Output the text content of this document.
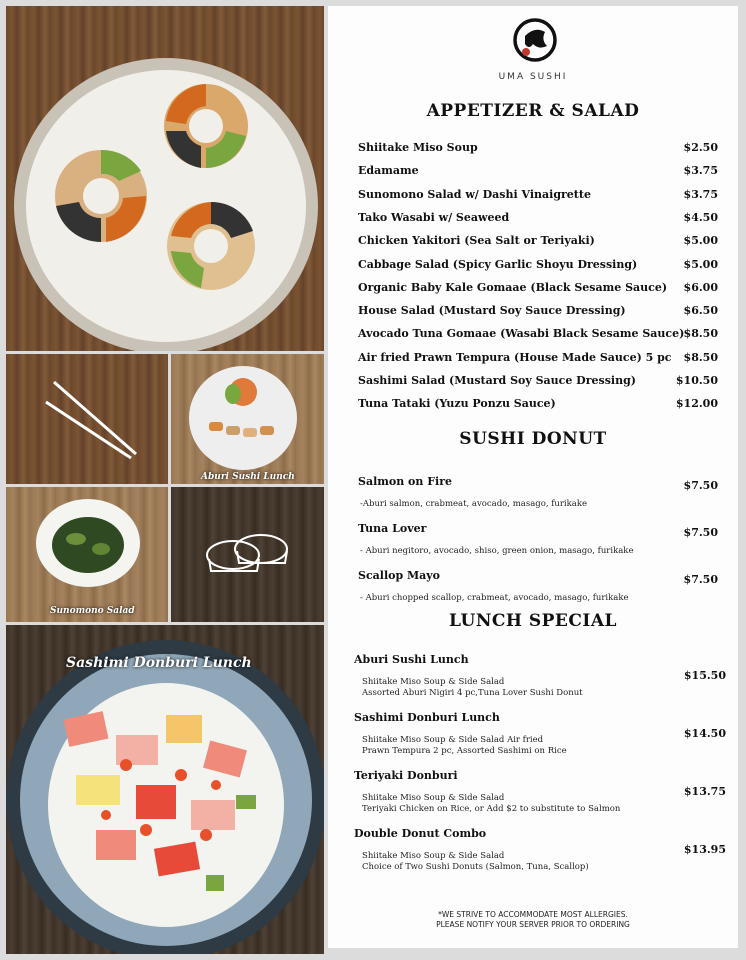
Aburi Sushi Lunch
Sunomono Salad
Sashimi Donburi Lunch
UMA SUSHI
APPETIZER & SALAD
Shiitake Miso Soup	$2.50
Edamame	$3.75
Sunomono Salad w/ Dashi Vinaigrette	$3.75
Tako Wasabi w/ Seaweed	$4.50
Chicken Yakitori (Sea Salt or Teriyaki)	$5.00
Cabbage Salad (Spicy Garlic Shoyu Dressing)	$5.00
Organic Baby Kale Gomaae (Black Sesame Sauce) $6.00
House Salad (Mustard Soy Sauce Dressing)	$6.50
Avocado Tuna Gomaae (Wasabi Black Sesame Sauce) $8.50
Air fried Prawn Tempura (House Made Sauce) 5 pc $8.50
Sashimi Salad (Mustard Soy Sauce Dressing)	$10.50
Tuna Tataki (Yuzu Ponzu Sauce)	$12.00
SUSHI DONUT
Salmon on Fire	$7.50
-Aburi salmon, crabmeat, avocado, masago, furikake
Tuna Lover	$7.50
- Aburi negitoro, avocado, shiso, green onion, masago, furikake
Scallop Mayo	$7.50
- Aburi chopped scallop, crabmeat, avocado, masago, furikake
LUNCH SPECIAL
Aburi Sushi Lunch
$15.50
Shiitake Miso Soup & Side Salad
Assorted Aburi Nigiri 4 pc,Tuna Lover Sushi Donut
Sashimi Donburi Lunch
$14.50
Shiitake Miso Soup & Side Salad Air fried
Prawn Tempura 2 pc, Assorted Sashimi on Rice
Teriyaki Donburi
$13.75
Shiitake Miso Soup & Side Salad
Teriyaki Chicken on Rice, or Add $2 to substitute to Salmon
Double Donut Combo
$13.95
Shiitake Miso Soup & Side Salad
Choice of Two Sushi Donuts (Salmon, Tuna, Scallop)
*WE STRIVE TO ACCOMMODATE MOST ALLERGIES.
PLEASE NOTIFY YOUR SERVER PRIOR TO ORDERING
